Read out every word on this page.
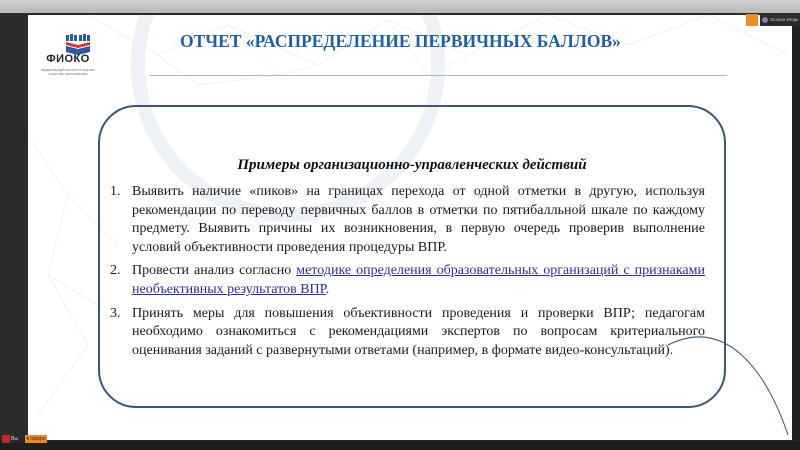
ФИОКО
ФЕДЕРАЛЬНЫЙ ИНСТИТУТ ОЦЕНКИ КАЧЕСТВА ОБРАЗОВАНИЯ
ОТЧЕТ «РАСПРЕДЕЛЕНИЕ ПЕРВИЧНЫХ БАЛЛОВ»
Примеры организационно-управленческих действий
1. Выявить наличие «пиков» на границах перехода от одной отметки в другую, используя рекомендации по переводу первичных баллов в отметки по пятибалльной шкале по каждому предмету. Выявить причины их возникновения, в первую очередь проверив выполнение условий объективности проведения процедуры ВПР.
2. Провести анализ согласно методике определения образовательных организаций с признаками необъективных результатов ВПР.
3. Принять меры для повышения объективности проведения и проверки ВПР; педагогам необходимо ознакомиться с рекомендациями экспертов по вопросам критериального оценивания заданий с развернутыми ответами (например, в формате видео-консультаций).
Осокин Игорь
Вы	в эфире
